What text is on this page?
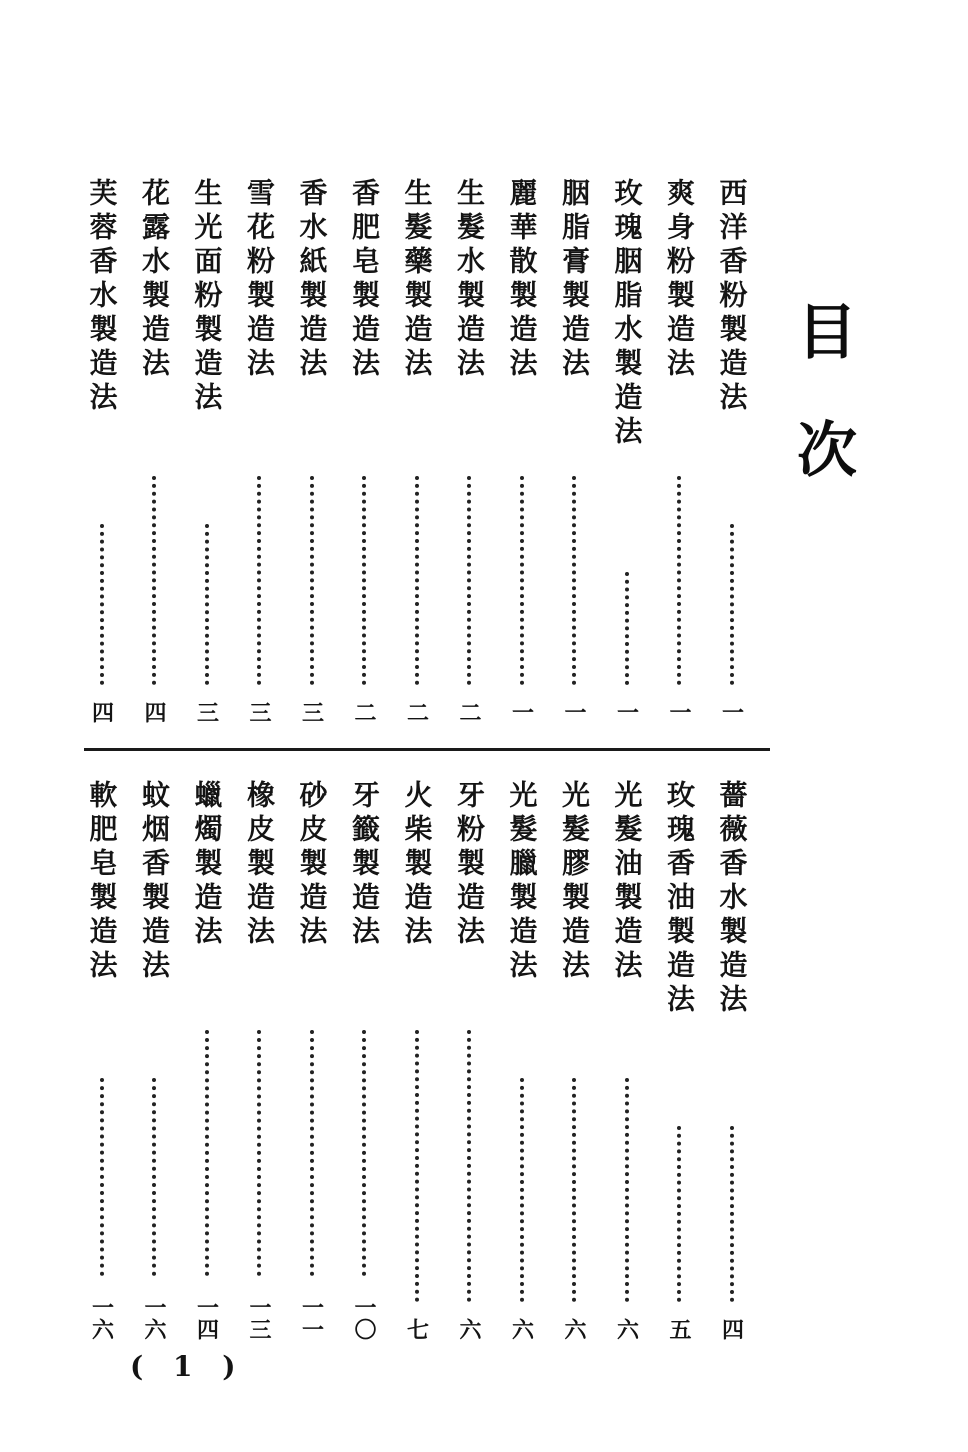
目次
西洋香粉製造法
一
爽身粉製造法
一
玫瑰胭脂水製造法
一
胭脂膏製造法
一
麗華散製造法
一
生髮水製造法
二
生髮藥製造法
二
香肥皂製造法
二
香水紙製造法
三
雪花粉製造法
三
生光面粉製造法
三
花露水製造法
四
芙蓉香水製造法
四
薔薇香水製造法
四
玫瑰香油製造法
五
光髮油製造法
六
光髮膠製造法
六
光髮臘製造法
六
牙粉製造法
六
火柴製造法
七
牙籤製造法
一〇
砂皮製造法
一一
橡皮製造法
一三
蠟燭製造法
一四
蚊烟香製造法
一六
軟肥皂製造法
一六
( 1 )
